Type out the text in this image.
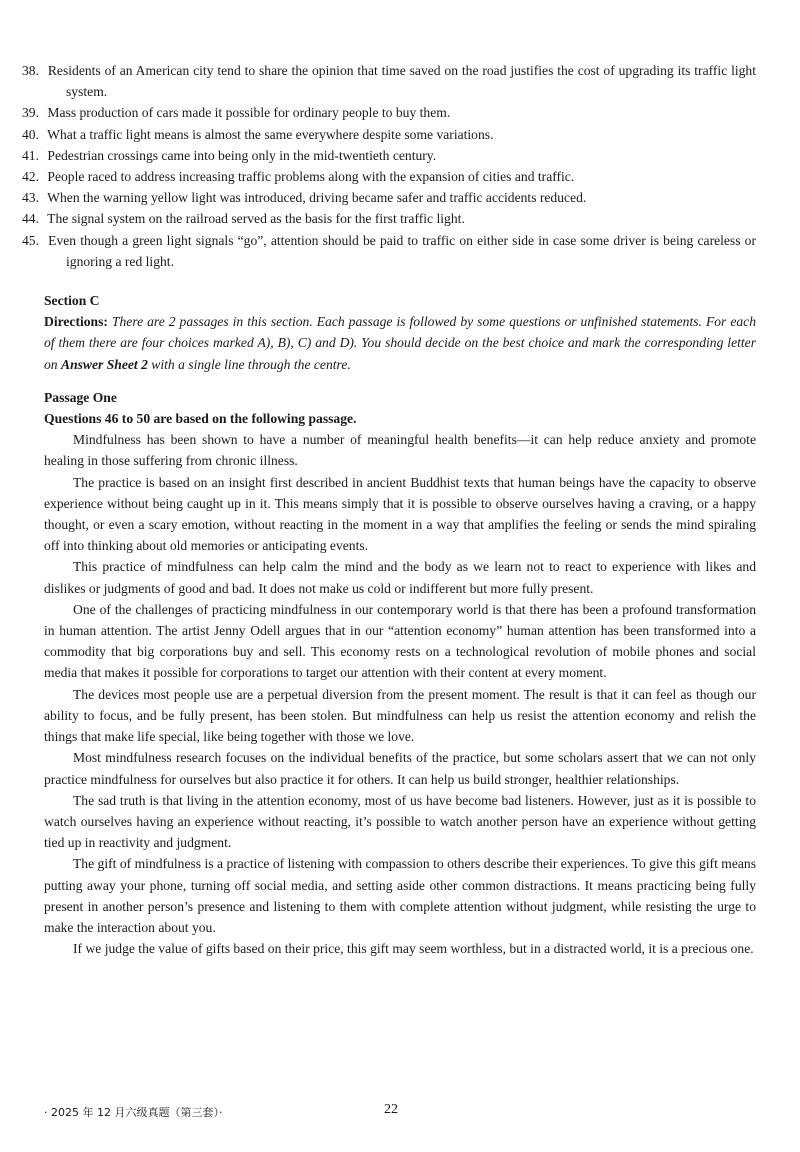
38. Residents of an American city tend to share the opinion that time saved on the road justifies the cost of upgrading its traffic light system.

39. Mass production of cars made it possible for ordinary people to buy them.

40. What a traffic light means is almost the same everywhere despite some variations.

41. Pedestrian crossings came into being only in the mid-twentieth century.

42. People raced to address increasing traffic problems along with the expansion of cities and traffic.

43. When the warning yellow light was introduced, driving became safer and traffic accidents reduced.

44. The signal system on the railroad served as the basis for the first traffic light.

45. Even though a green light signals “go”, attention should be paid to traffic on either side in case some driver is being careless or ignoring a red light.

Section C

Directions: There are 2 passages in this section. Each passage is followed by some questions or unfinished statements. For each of them there are four choices marked A), B), C) and D). You should decide on the best choice and mark the corresponding letter on Answer Sheet 2 with a single line through the centre.

Passage One

Questions 46 to 50 are based on the following passage.

Mindfulness has been shown to have a number of meaningful health benefits—it can help reduce anxiety and promote healing in those suffering from chronic illness.

The practice is based on an insight first described in ancient Buddhist texts that human beings have the capacity to observe experience without being caught up in it. This means simply that it is possible to observe ourselves having a craving, or a happy thought, or even a scary emotion, without reacting in the moment in a way that amplifies the feeling or sends the mind spiraling off into thinking about old memories or anticipating events.

This practice of mindfulness can help calm the mind and the body as we learn not to react to experience with likes and dislikes or judgments of good and bad. It does not make us cold or indifferent but more fully present.

One of the challenges of practicing mindfulness in our contemporary world is that there has been a profound transformation in human attention. The artist Jenny Odell argues that in our “attention economy” human attention has been transformed into a commodity that big corporations buy and sell. This economy rests on a technological revolution of mobile phones and social media that makes it possible for corporations to target our attention with their content at every moment.

The devices most people use are a perpetual diversion from the present moment. The result is that it can feel as though our ability to focus, and be fully present, has been stolen. But mindfulness can help us resist the attention economy and relish the things that make life special, like being together with those we love.

Most mindfulness research focuses on the individual benefits of the practice, but some scholars assert that we can not only practice mindfulness for ourselves but also practice it for others. It can help us build stronger, healthier relationships.

The sad truth is that living in the attention economy, most of us have become bad listeners. However, just as it is possible to watch ourselves having an experience without reacting, it’s possible to watch another person have an experience without getting tied up in reactivity and judgment.

The gift of mindfulness is a practice of listening with compassion to others describe their experiences. To give this gift means putting away your phone, turning off social media, and setting aside other common distractions. It means practicing being fully present in another person’s presence and listening to them with complete attention without judgment, while resisting the urge to make the interaction about you.

If we judge the value of gifts based on their price, this gift may seem worthless, but in a distracted world, it is a precious one.

· 2025 年 12 月六级真题（第三套）·	22
